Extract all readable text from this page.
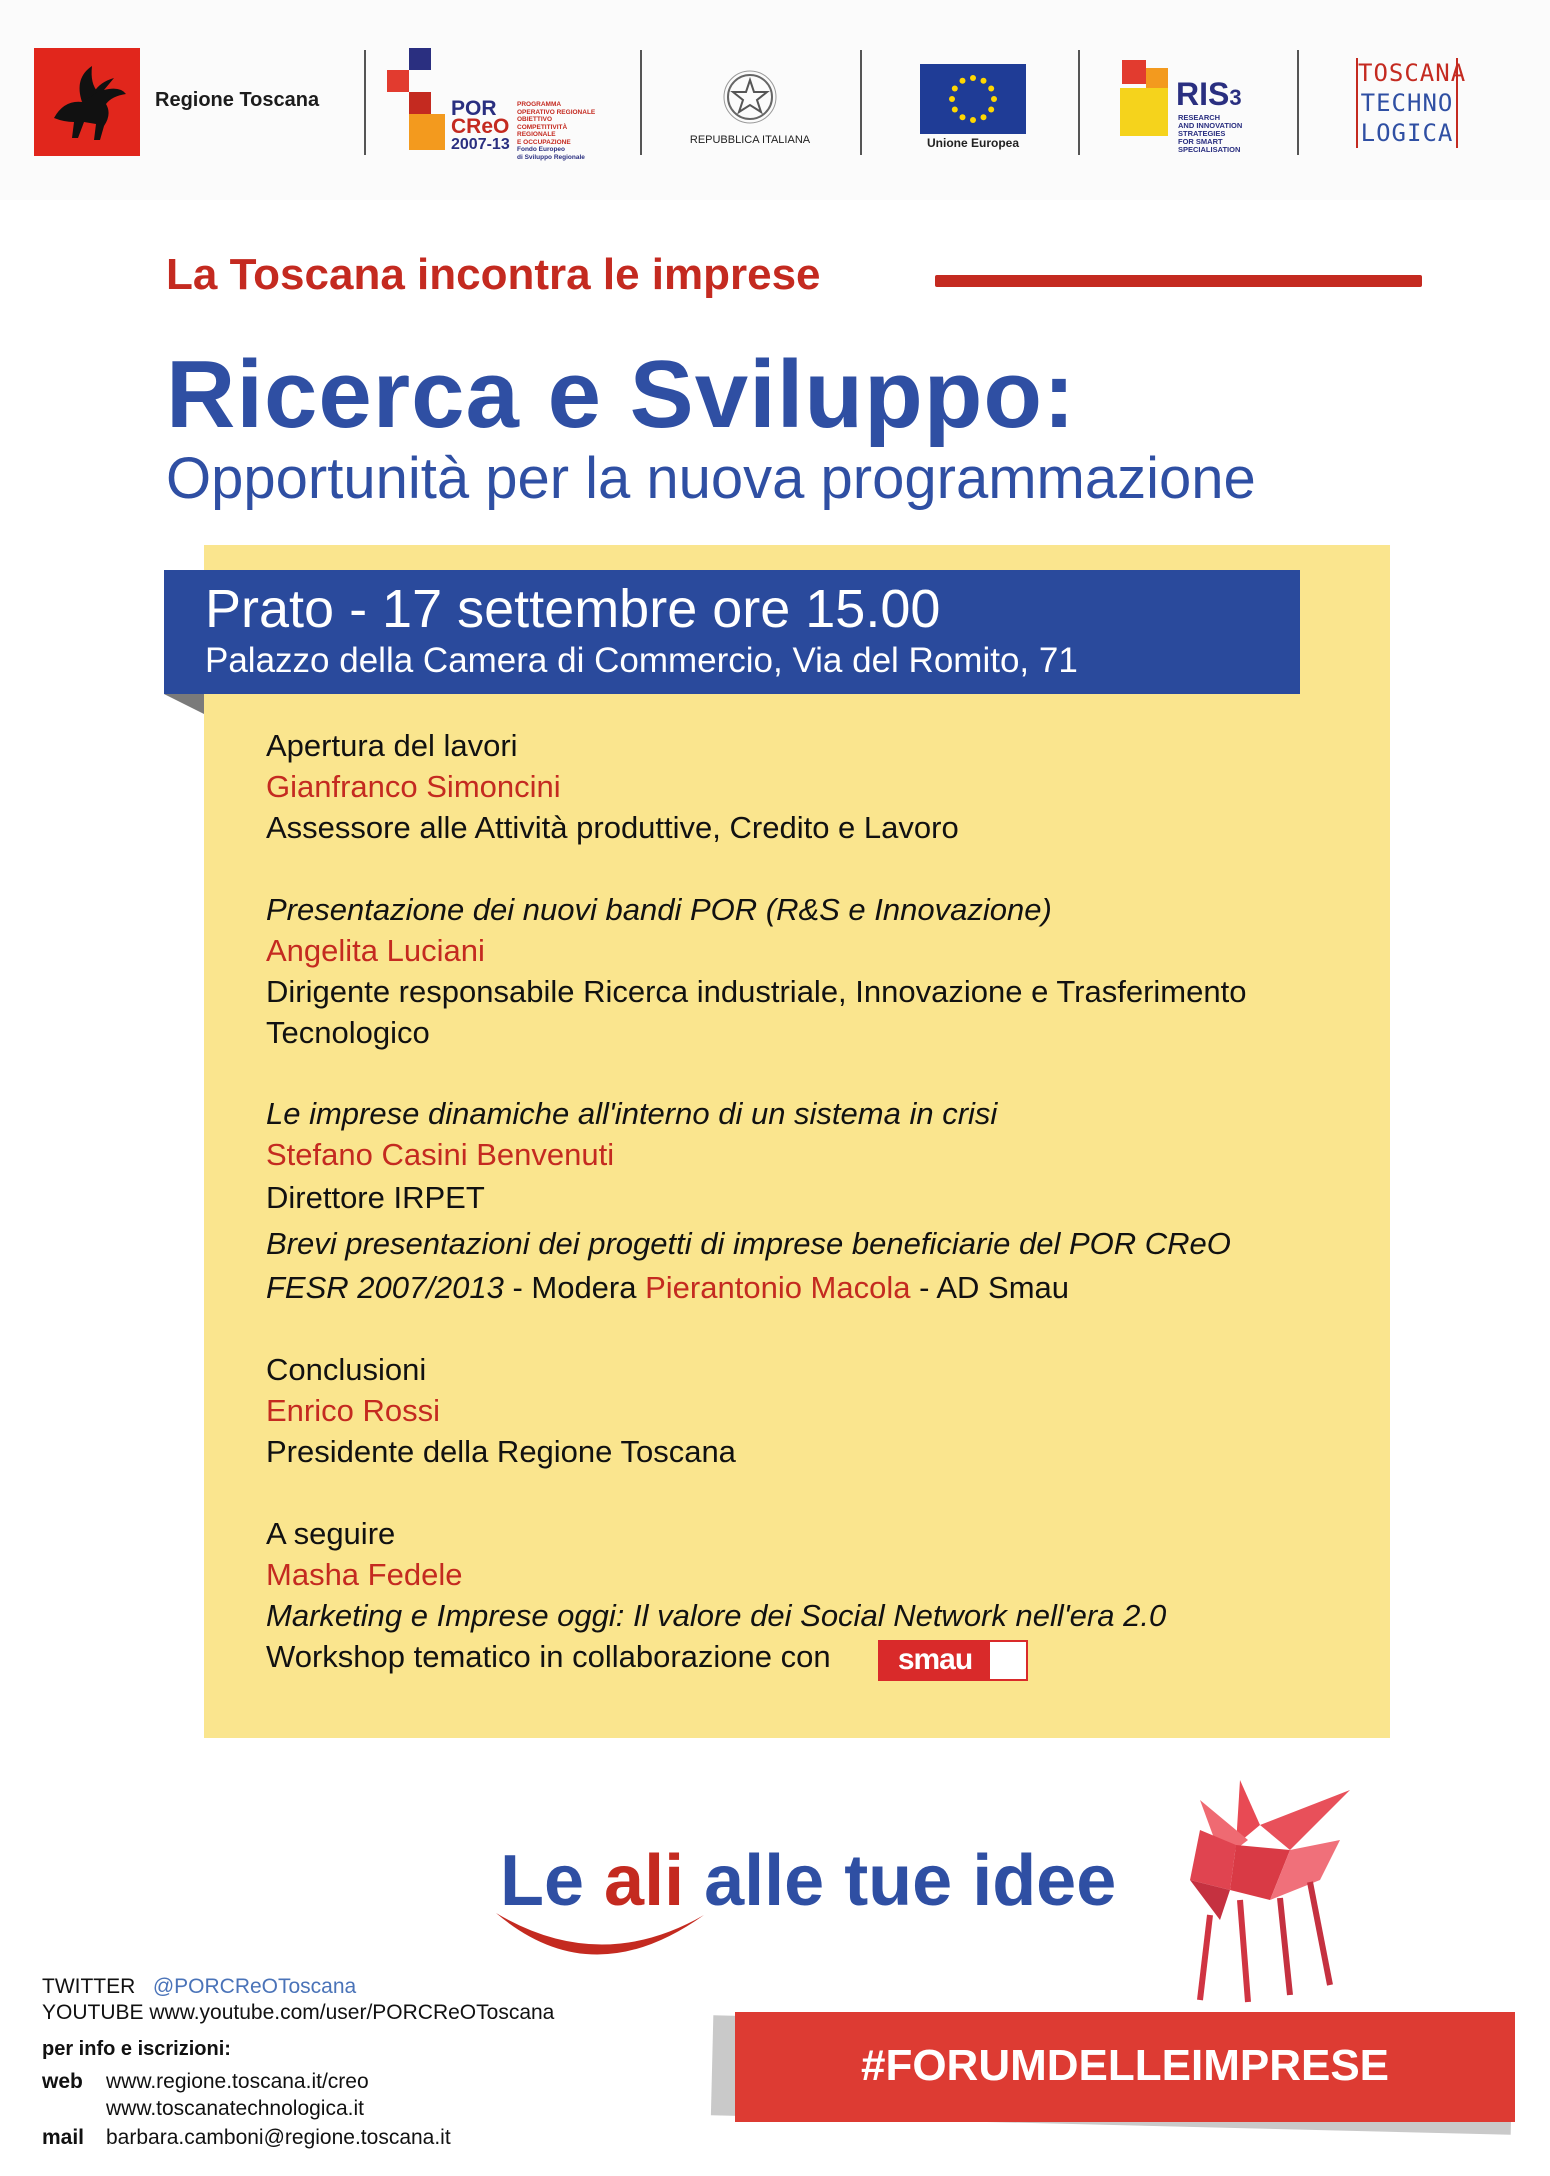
Regione Toscana	POR
CReO
2007-13
PROGRAMMA
OPERATIVO REGIONALE
OBIETTIVO
COMPETITIVITÀ
REGIONALE
E OCCUPAZIONE
Fondo Europeo
di Sviluppo Regionale
REPUBBLICA ITALIANA	Unione Europea
RIS3
RESEARCH
AND INNOVATION
STRATEGIES
FOR SMART
SPECIALISATION
TOSCANA
TECHNO
LOGICA
La Toscana incontra le imprese
Ricerca e Sviluppo:
Opportunità per la nuova programmazione
Prato - 17 settembre ore 15.00
Palazzo della Camera di Commercio, Via del Romito, 71
Apertura del lavori
Gianfranco Simoncini
Assessore alle Attività produttive, Credito e Lavoro
Presentazione dei nuovi bandi POR (R&S e Innovazione)
Angelita Luciani
Dirigente responsabile Ricerca industriale, Innovazione e Trasferimento
Tecnologico
Le imprese dinamiche all'interno di un sistema in crisi
Stefano Casini Benvenuti
Direttore IRPET
Brevi presentazioni dei progetti di imprese beneficiarie del POR CReO
FESR 2007/2013 - Modera Pierantonio Macola - AD Smau
Conclusioni
Enrico Rossi
Presidente della Regione Toscana
A seguire
Masha Fedele
Marketing e Imprese oggi: Il valore dei Social Network nell'era 2.0
Workshop tematico in collaborazione con	smau
Le ali alle tue idee
TWITTER @PORCReOToscana
YOUTUBE www.youtube.com/user/PORCReOToscana
per info e iscrizioni:
web www.regione.toscana.it/creo
www.toscanatechnologica.it
mail barbara.camboni@regione.toscana.it
#FORUMDELLEIMPRESE
